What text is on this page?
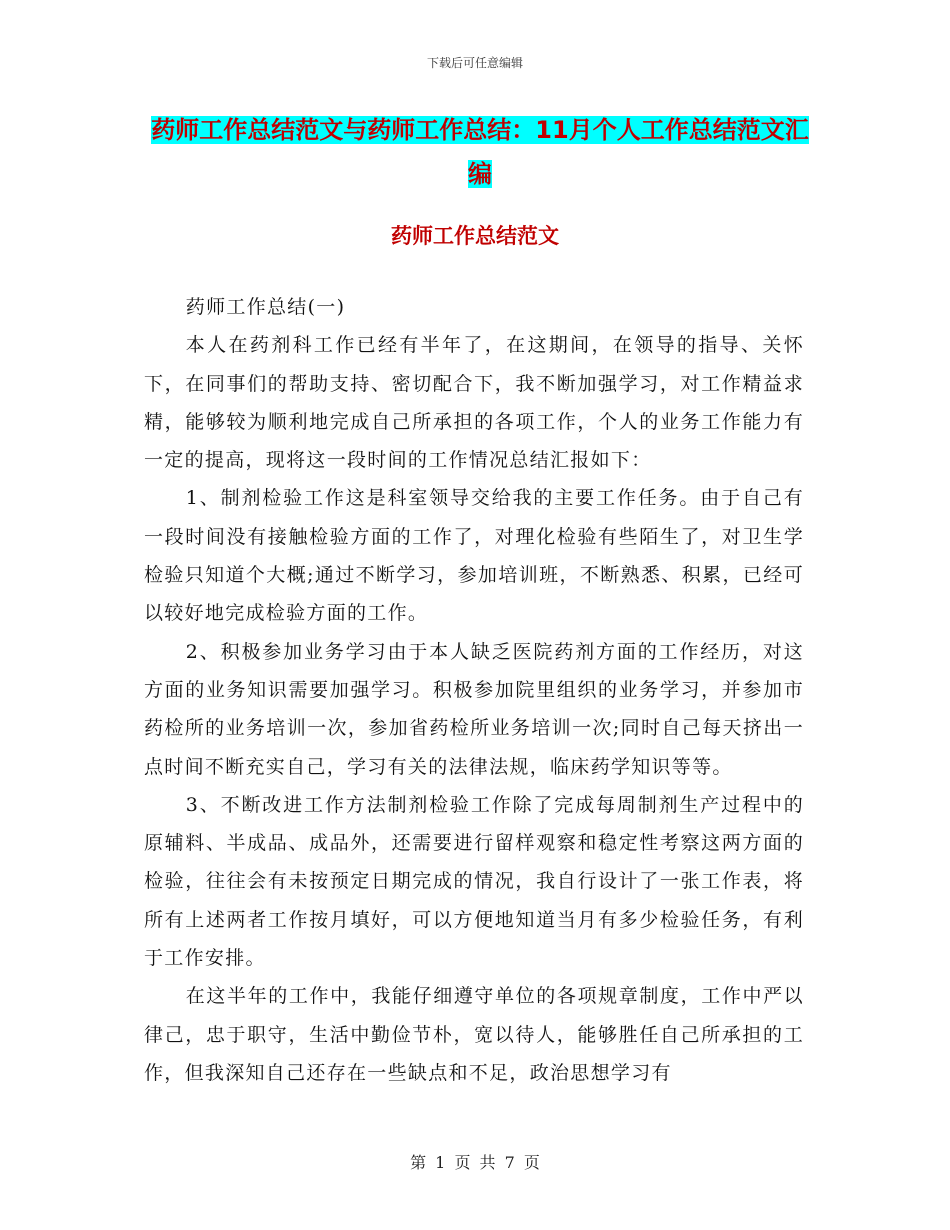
下载后可任意编辑
药师工作总结范文与药师工作总结：11月个人工作总结范文汇编
药师工作总结范文

药师工作总结(一)

本人在药剂科工作已经有半年了，在这期间，在领导的指导、关怀下，在同事们的帮助支持、密切配合下，我不断加强学习，对工作精益求精，能够较为顺利地完成自己所承担的各项工作，个人的业务工作能力有一定的提高，现将这一段时间的工作情况总结汇报如下：

1、制剂检验工作这是科室领导交给我的主要工作任务。由于自己有一段时间没有接触检验方面的工作了，对理化检验有些陌生了，对卫生学检验只知道个大概;通过不断学习，参加培训班，不断熟悉、积累，已经可以较好地完成检验方面的工作。

2、积极参加业务学习由于本人缺乏医院药剂方面的工作经历，对这方面的业务知识需要加强学习。积极参加院里组织的业务学习，并参加市药检所的业务培训一次，参加省药检所业务培训一次;同时自己每天挤出一点时间不断充实自己，学习有关的法律法规，临床药学知识等等。

3、不断改进工作方法制剂检验工作除了完成每周制剂生产过程中的原辅料、半成品、成品外，还需要进行留样观察和稳定性考察这两方面的检验，往往会有未按预定日期完成的情况，我自行设计了一张工作表，将所有上述两者工作按月填好，可以方便地知道当月有多少检验任务，有利于工作安排。

在这半年的工作中，我能仔细遵守单位的各项规章制度，工作中严以律己，忠于职守，生活中勤俭节朴，宽以待人，能够胜任自己所承担的工作，但我深知自己还存在一些缺点和不足，政治思想学习有

第 1 页 共 7 页
